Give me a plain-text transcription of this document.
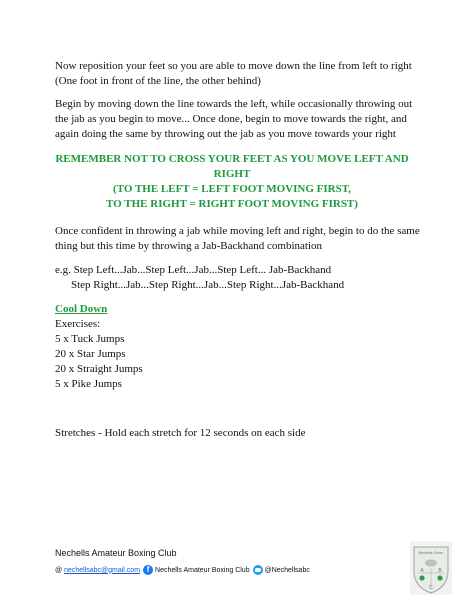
Now reposition your feet so you are able to move down the line from left to right
(One foot in front of the line, the other behind)
Begin by moving down the line towards the left, while occasionally throwing out
the jab as you begin to move... Once done, begin to move towards the right, and
again doing the same by throwing out the jab as you move towards your right
REMEMBER NOT TO CROSS YOUR FEET AS YOU MOVE LEFT AND
RIGHT
(TO THE LEFT = LEFT FOOT MOVING FIRST,
TO THE RIGHT = RIGHT FOOT MOVING FIRST)
Once confident in throwing a jab while moving left and right, begin to do the same
thing but this time by throwing a Jab-Backhand combination
e.g. Step Left...Jab...Step Left...Jab...Step Left... Jab-Backhand
Step Right...Jab...Step Right...Jab...Step Right...Jab-Backhand
Cool Down
Exercises:
5 x Tuck Jumps
20 x Star Jumps
20 x Straight Jumps
5 x Pike Jumps
Stretches - Hold each stretch for 12 seconds on each side
Nechells Amateur Boxing Club
@
nechellsabc@gmail.com f Nechells Amateur Boxing Club @Nechellsabc
Nechells Green
A	B
C
